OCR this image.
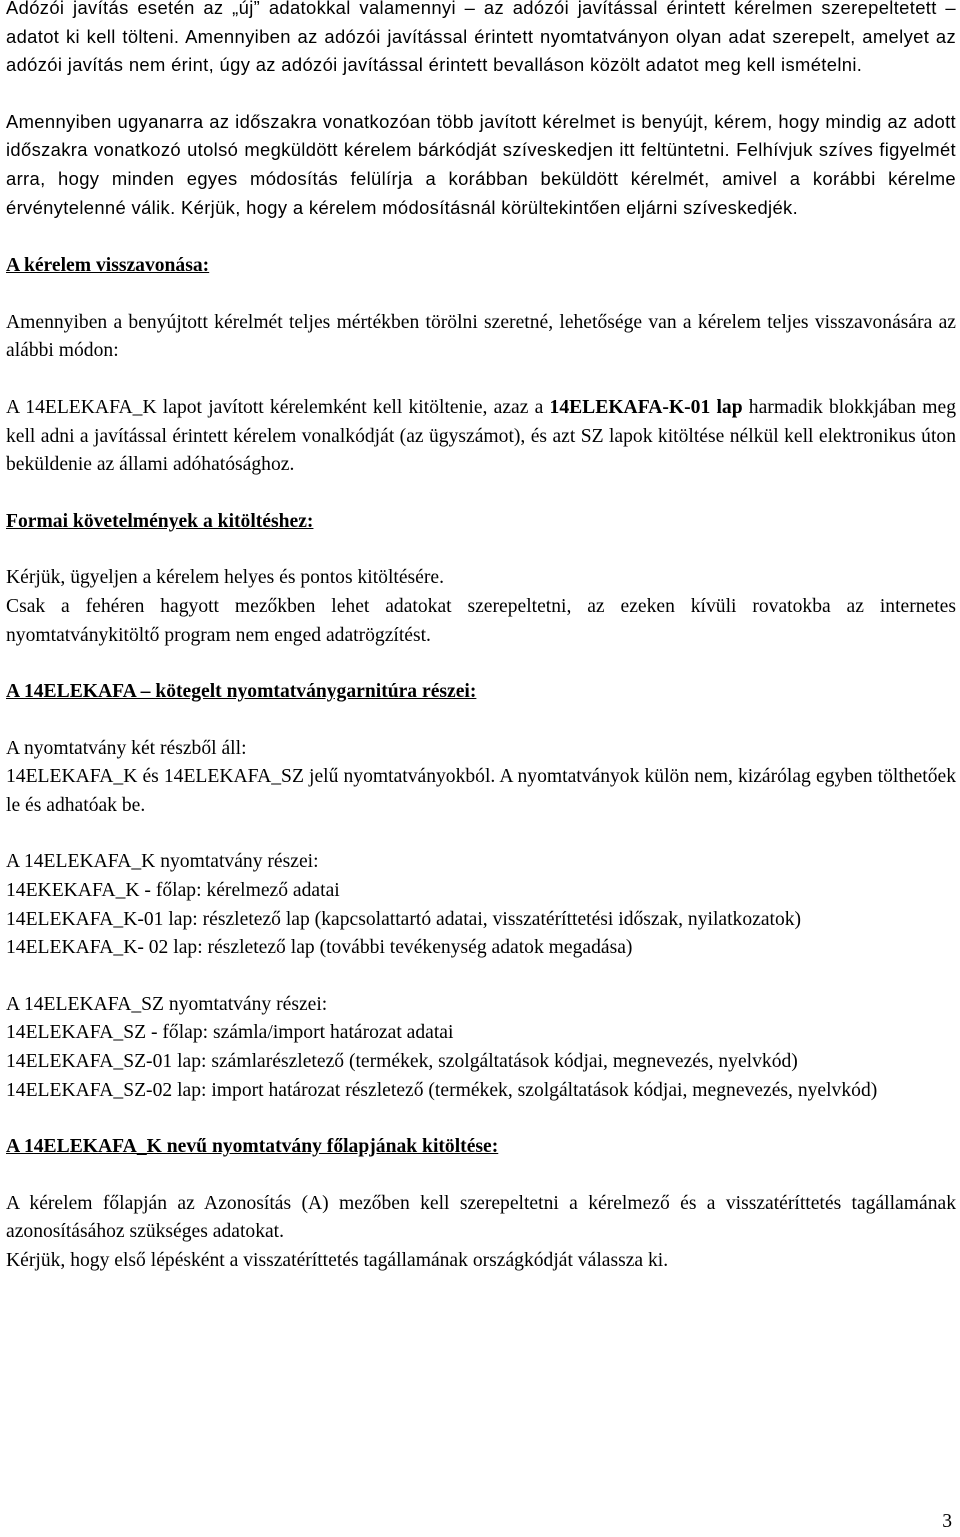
Adózói javítás esetén az „új” adatokkal valamennyi – az adózói javítással érintett kérelmen szerepeltetett – adatot ki kell tölteni. Amennyiben az adózói javítással érintett nyomtatványon olyan adat szerepelt, amelyet az adózói javítás nem érint, úgy az adózói javítással érintett bevalláson közölt adatot meg kell ismételni.

Amennyiben ugyanarra az időszakra vonatkozóan több javított kérelmet is benyújt, kérem, hogy mindig az adott időszakra vonatkozó utolsó megküldött kérelem bárkódját szíveskedjen itt feltüntetni. Felhívjuk szíves figyelmét arra, hogy minden egyes módosítás felülírja a korábban beküldött kérelmét, amivel a korábbi kérelme érvénytelenné válik. Kérjük, hogy a kérelem módosításnál körültekintően eljárni szíveskedjék.

A kérelem visszavonása:

Amennyiben a benyújtott kérelmét teljes mértékben törölni szeretné, lehetősége van a kérelem teljes visszavonására az alábbi módon:

A 14ELEKAFA_K lapot javított kérelemként kell kitöltenie, azaz a 14ELEKAFA-K-01 lap harmadik blokkjában meg kell adni a javítással érintett kérelem vonalkódját (az ügyszámot), és azt SZ lapok kitöltése nélkül kell elektronikus úton beküldenie az állami adóhatósághoz.

Formai követelmények a kitöltéshez:

Kérjük, ügyeljen a kérelem helyes és pontos kitöltésére.

Csak a fehéren hagyott mezőkben lehet adatokat szerepeltetni, az ezeken kívüli rovatokba az internetes nyomtatványkitöltő program nem enged adatrögzítést.

A 14ELEKAFA – kötegelt nyomtatványgarnitúra részei:

A nyomtatvány két részből áll:

14ELEKAFA_K és 14ELEKAFA_SZ jelű nyomtatványokból. A nyomtatványok külön nem, kizárólag egyben tölthetőek le és adhatóak be.

A 14ELEKAFA_K nyomtatvány részei:

14EKEKAFA_K - főlap: kérelmező adatai

14ELEKAFA_K-01 lap: részletező lap (kapcsolattartó adatai, visszatéríttetési időszak, nyilatkozatok)

14ELEKAFA_K- 02 lap: részletező lap (további tevékenység adatok megadása)

A 14ELEKAFA_SZ nyomtatvány részei:

14ELEKAFA_SZ - főlap: számla/import határozat adatai

14ELEKAFA_SZ-01 lap: számlarészletező (termékek, szolgáltatások kódjai, megnevezés, nyelvkód)

14ELEKAFA_SZ-02 lap: import határozat részletező (termékek, szolgáltatások kódjai, megnevezés, nyelvkód)

A 14ELEKAFA_K nevű nyomtatvány főlapjának kitöltése:

A kérelem főlapján az Azonosítás (A) mezőben kell szerepeltetni a kérelmező és a visszatéríttetés tagállamának azonosításához szükséges adatokat.

Kérjük, hogy első lépésként a visszatéríttetés tagállamának országkódját válassza ki.

3
